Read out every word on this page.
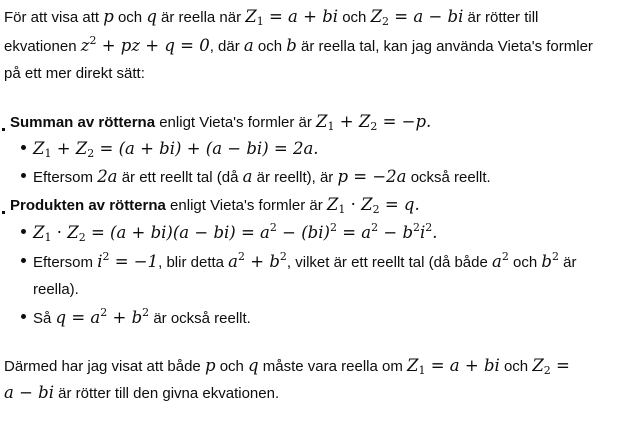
För att visa att p och q är reella när $Z_1 = a$ + bi och $Z_2 = a$ − bi är rötter till
ekvationen $z^2$ + pz + q = 0, där a och b är reella tal, kan jag använda Vieta's formler
på ett mer direkt sätt:
Summan av rötterna enligt Vieta's formler är $Z_1 + Z_2 = -p$.
$Z_1 + Z_2 = (a + bi) + (a - bi) = 2a$.
Eftersom 2a är ett reellt tal (då a är reellt), är p = −2a också reellt.
Produkten av rötterna enligt Vieta's formler är $Z_1 \cdot Z_2 = q$.
$Z_1 \cdot Z_2 = (a + bi)(a - bi) = a^2 - (bi)^2 = a^2 - b^2i^2$.
Eftersom $i^2 = -1$, blir detta $a^2 + b^2$, vilket är ett reellt tal (då både $a^2$ och $b^2$ är
reella).
Så $q = a^2 + b^2$ är också reellt.
Därmed har jag visat att både p och q måste vara reella om $Z_1 = a$ + bi och $Z_2$ =
a − bi är rötter till den givna ekvationen.
